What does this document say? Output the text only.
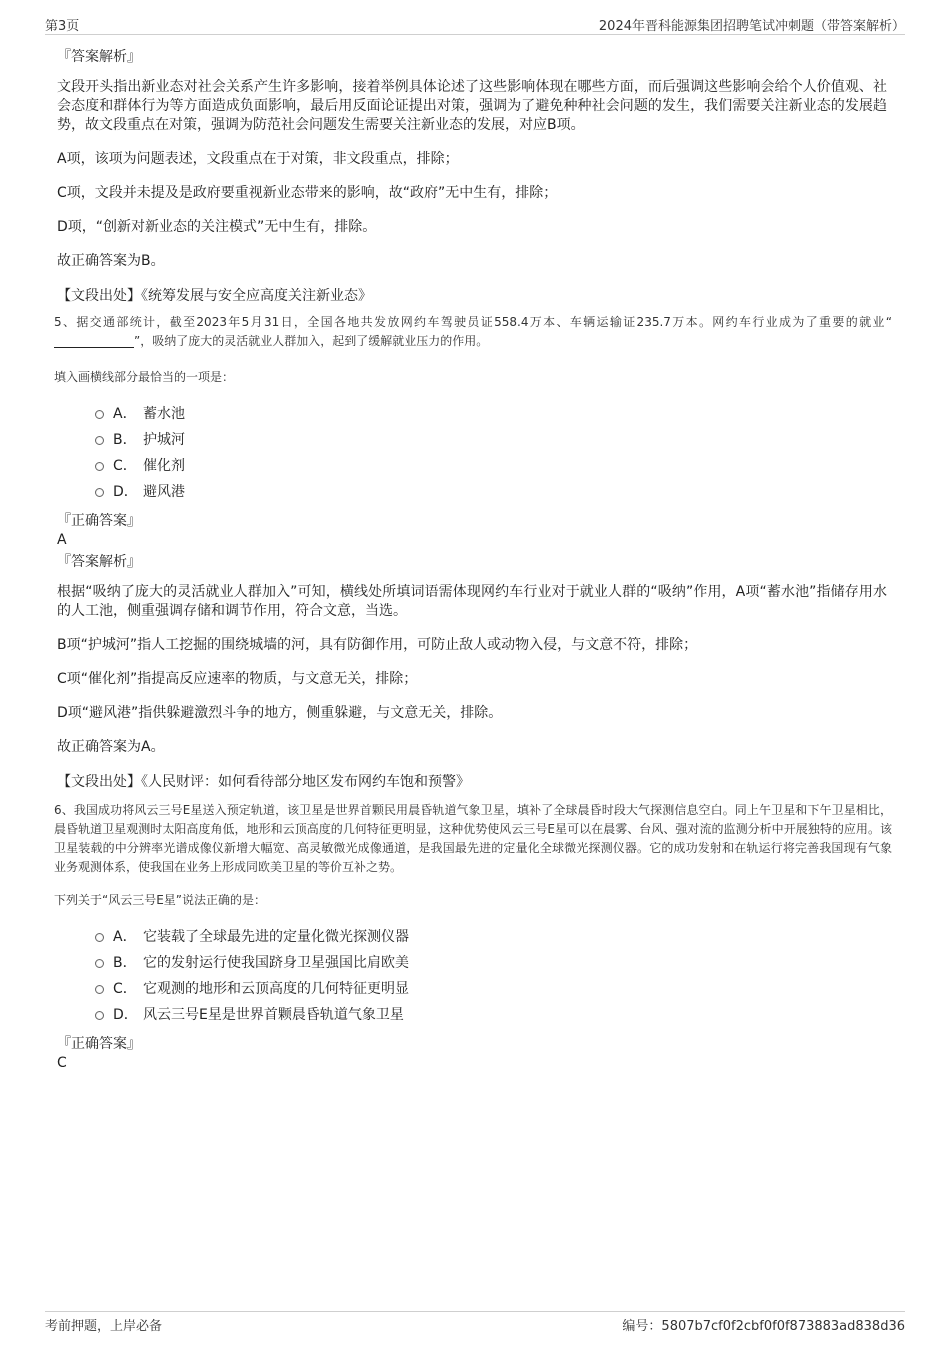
第3页	2024年晋科能源集团招聘笔试冲刺题（带答案解析）

『答案解析』

文段开头指出新业态对社会关系产生许多影响，接着举例具体论述了这些影响体现在哪些方面，而后强调这些影响会给个人价值观、社会态度和群体行为等方面造成负面影响，最后用反面论证提出对策，强调为了避免种种社会问题的发生，我们需要关注新业态的发展趋势，故文段重点在对策，强调为防范社会问题发生需要关注新业态的发展，对应B项。

A项，该项为问题表述，文段重点在于对策，非文段重点，排除；

C项，文段并未提及是政府要重视新业态带来的影响，故“政府”无中生有，排除；

D项，“创新对新业态的关注模式”无中生有，排除。

故正确答案为B。

【文段出处】《统筹发展与安全应高度关注新业态》

5、据交通部统计，截至2023年5月31日，全国各地共发放网约车驾驶员证558.4万本、车辆运输证235.7万本。网约车行业成为了重要的就业“”，吸纳了庞大的灵活就业人群加入，起到了缓解就业压力的作用。

填入画横线部分最恰当的一项是：

A． 蓄水池
B． 护城河
C． 催化剂
D． 避风港

『正确答案』

A

『答案解析』

根据“吸纳了庞大的灵活就业人群加入”可知，横线处所填词语需体现网约车行业对于就业人群的“吸纳”作用，A项“蓄水池”指储存用水的人工池，侧重强调存储和调节作用，符合文意，当选。

B项“护城河”指人工挖掘的围绕城墙的河，具有防御作用，可防止敌人或动物入侵，与文意不符，排除；

C项“催化剂”指提高反应速率的物质，与文意无关，排除；

D项“避风港”指供躲避激烈斗争的地方，侧重躲避，与文意无关，排除。

故正确答案为A。

【文段出处】《人民财评：如何看待部分地区发布网约车饱和预警》

6、我国成功将风云三号E星送入预定轨道，该卫星是世界首颗民用晨昏轨道气象卫星，填补了全球晨昏时段大气探测信息空白。同上午卫星和下午卫星相比，晨昏轨道卫星观测时太阳高度角低，地形和云顶高度的几何特征更明显，这种优势使风云三号E星可以在晨雾、台风、强对流的监测分析中开展独特的应用。该卫星装载的中分辨率光谱成像仪新增大幅宽、高灵敏微光成像通道，是我国最先进的定量化全球微光探测仪器。它的成功发射和在轨运行将完善我国现有气象业务观测体系，使我国在业务上形成同欧美卫星的等价互补之势。

下列关于“风云三号E星”说法正确的是：

A． 它装载了全球最先进的定量化微光探测仪器
B． 它的发射运行使我国跻身卫星强国比肩欧美
C． 它观测的地形和云顶高度的几何特征更明显
D． 风云三号E星是世界首颗晨昏轨道气象卫星

『正确答案』

C

考前押题，上岸必备	编号：5807b7cf0f2cbf0f0f873883ad838d36
